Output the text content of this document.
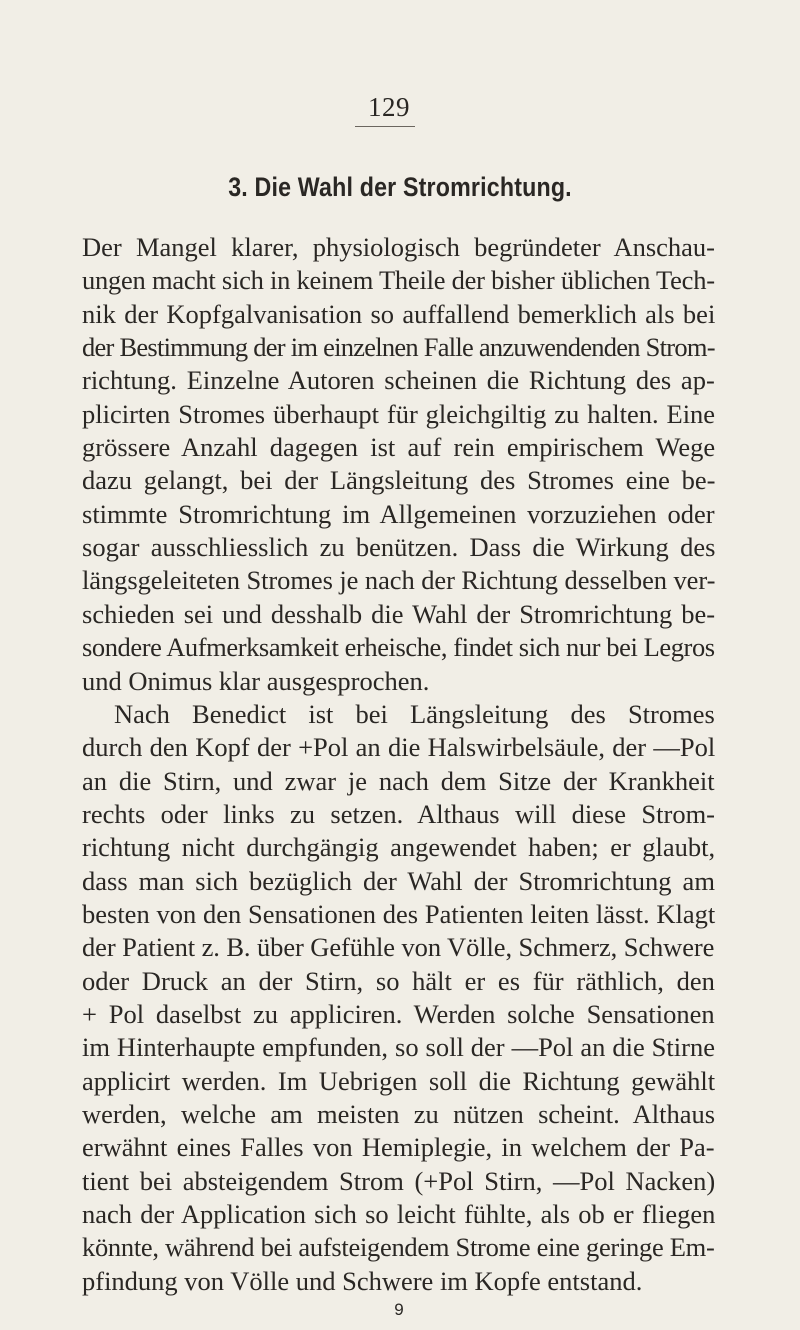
129
3. Die Wahl der Stromrichtung.
Der Mangel klarer, physiologisch begründeter Anschau-
ungen macht sich in keinem Theile der bisher üblichen Tech-
nik der Kopfgalvanisation so auffallend bemerklich als bei
der Bestimmung der im einzelnen Falle anzuwendenden Strom-
richtung. Einzelne Autoren scheinen die Richtung des ap-
plicirten Stromes überhaupt für gleichgiltig zu halten. Eine
grössere Anzahl dagegen ist auf rein empirischem Wege
dazu gelangt, bei der Längsleitung des Stromes eine be-
stimmte Stromrichtung im Allgemeinen vorzuziehen oder
sogar ausschliesslich zu benützen. Dass die Wirkung des
längsgeleiteten Stromes je nach der Richtung desselben ver-
schieden sei und desshalb die Wahl der Stromrichtung be-
sondere Aufmerksamkeit erheische, findet sich nur bei Legros
und Onimus klar ausgesprochen.
Nach Benedict ist bei Längsleitung des Stromes
durch den Kopf der +Pol an die Halswirbelsäule, der —Pol
an die Stirn, und zwar je nach dem Sitze der Krankheit
rechts oder links zu setzen. Althaus will diese Strom-
richtung nicht durchgängig angewendet haben; er glaubt,
dass man sich bezüglich der Wahl der Stromrichtung am
besten von den Sensationen des Patienten leiten lässt. Klagt
der Patient z. B. über Gefühle von Völle, Schmerz, Schwere
oder Druck an der Stirn, so hält er es für räthlich, den
+ Pol daselbst zu appliciren. Werden solche Sensationen
im Hinterhaupte empfunden, so soll der —Pol an die Stirne
applicirt werden. Im Uebrigen soll die Richtung gewählt
werden, welche am meisten zu nützen scheint. Althaus
erwähnt eines Falles von Hemiplegie, in welchem der Pa-
tient bei absteigendem Strom (+Pol Stirn, —Pol Nacken)
nach der Application sich so leicht fühlte, als ob er fliegen
könnte, während bei aufsteigendem Strome eine geringe Em-
pfindung von Völle und Schwere im Kopfe entstand.
9
